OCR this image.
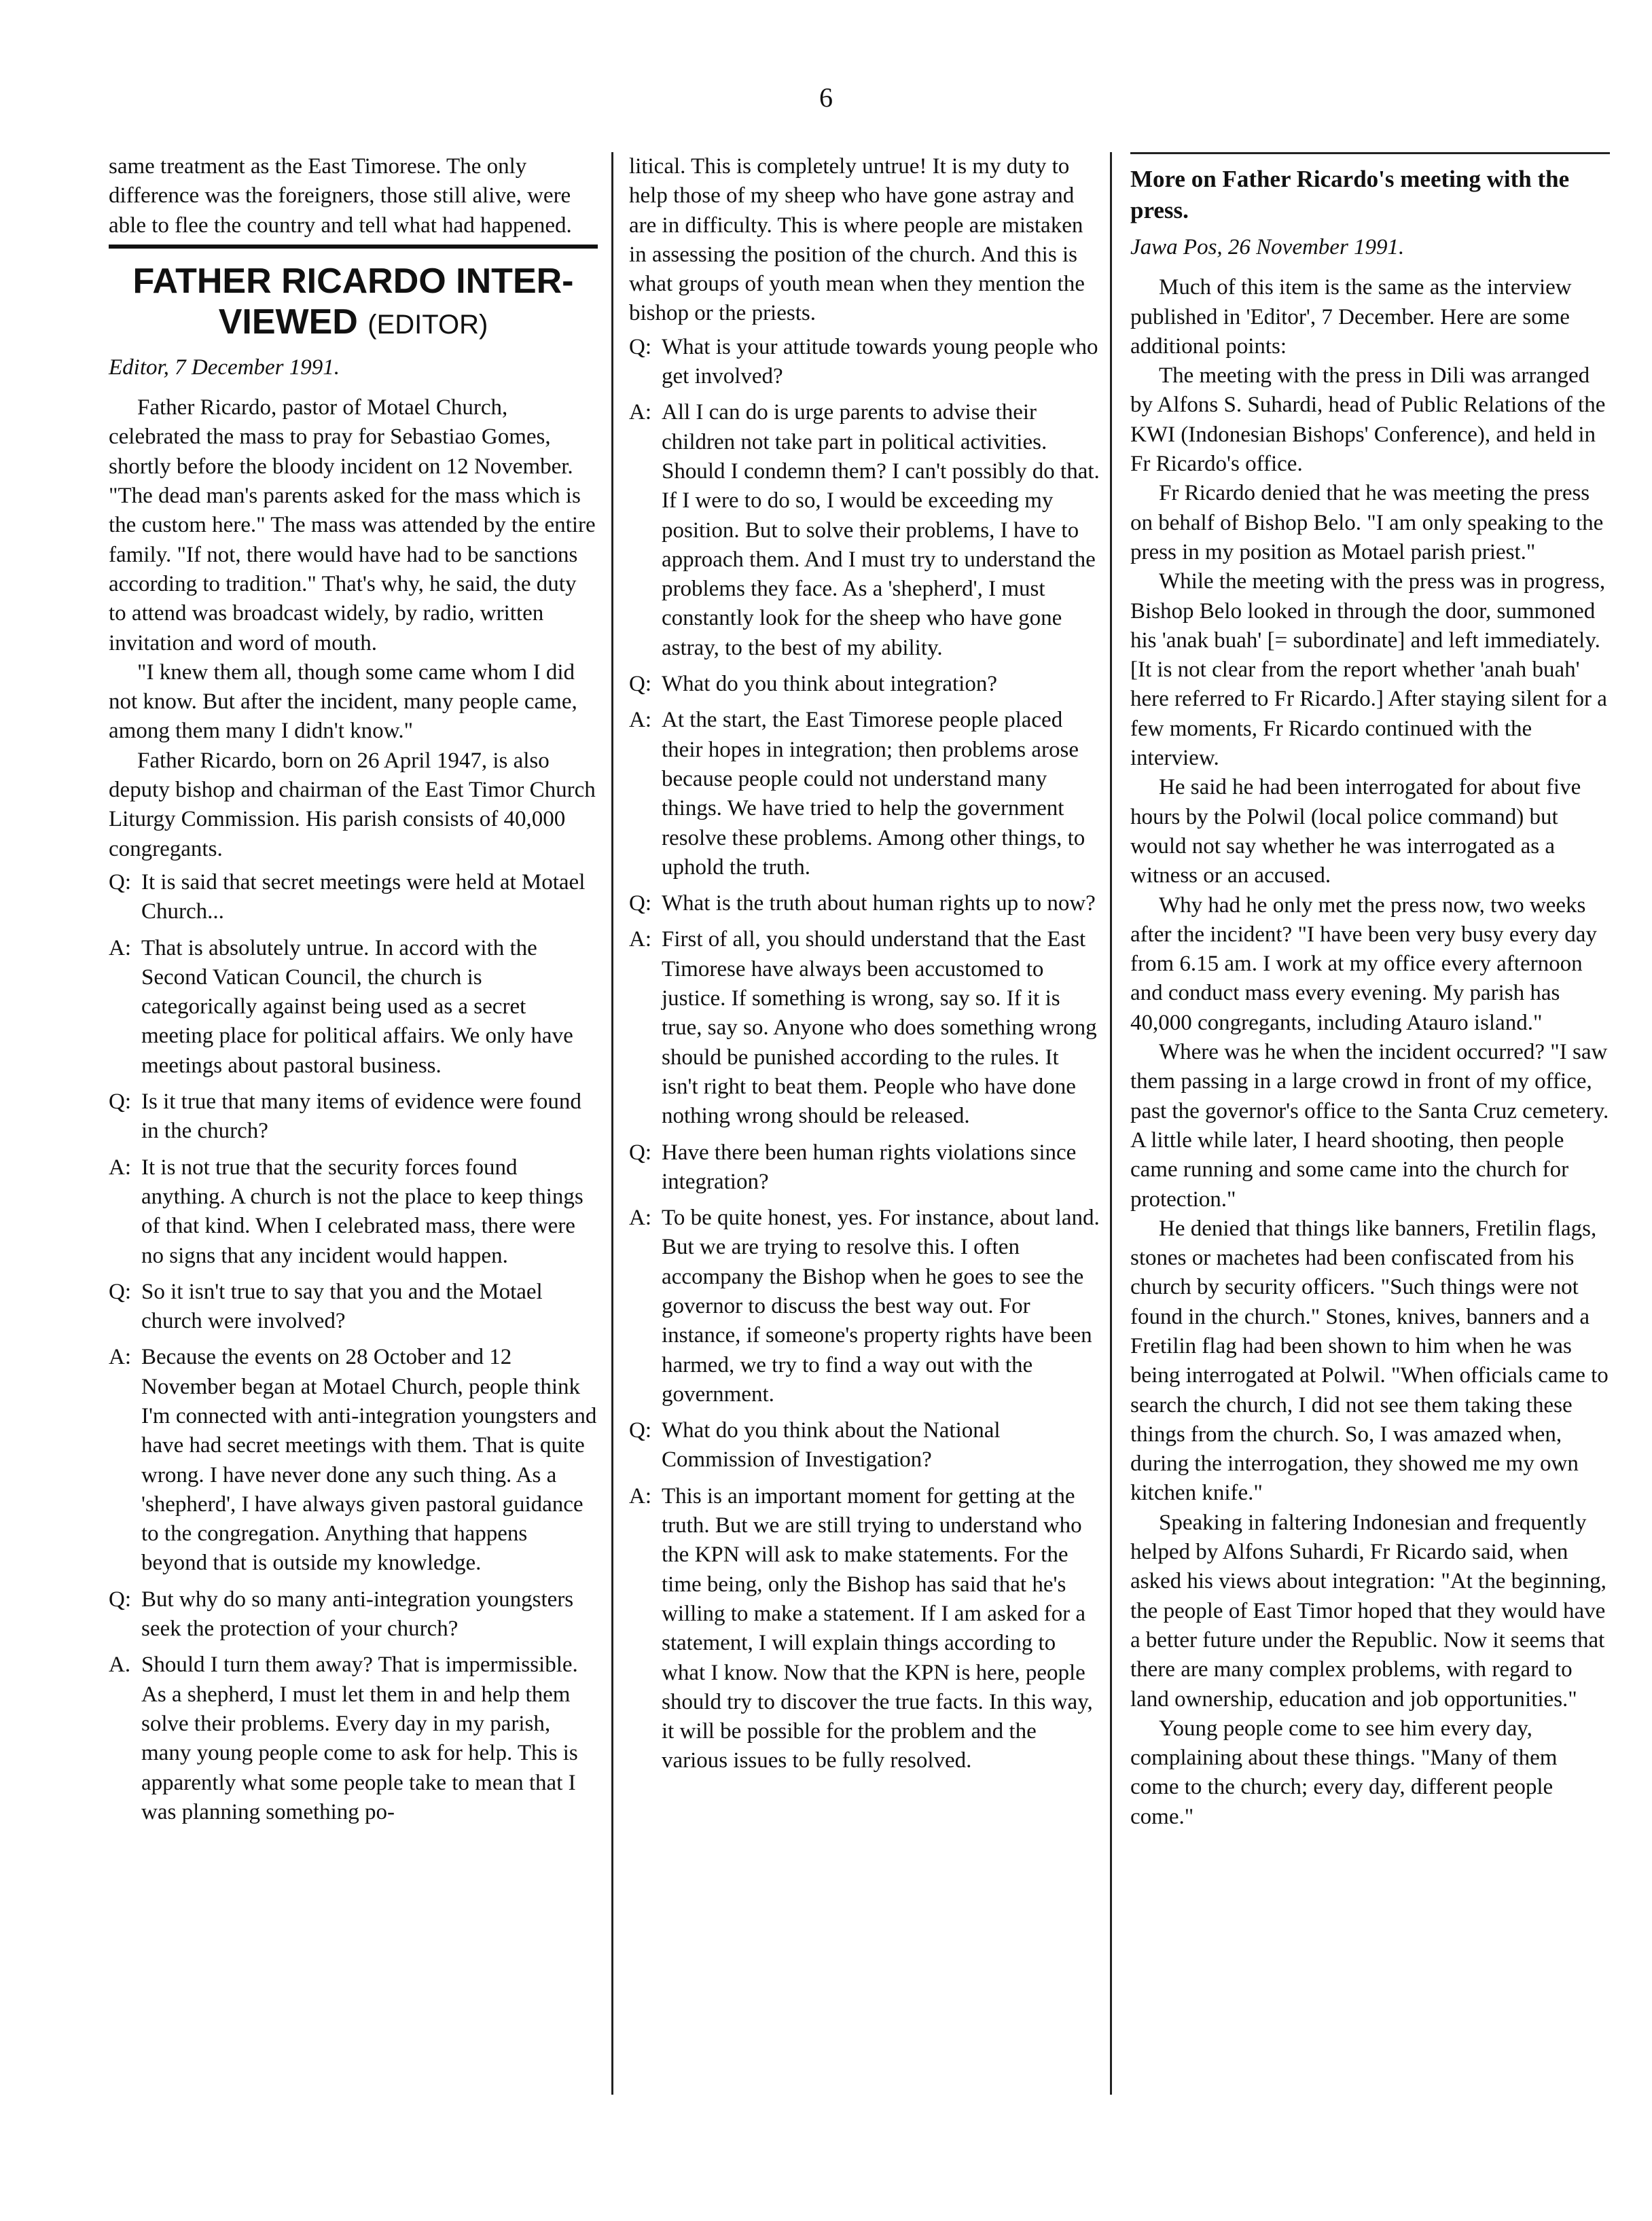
6

same treatment as the East Timorese. The only difference was the foreigners, those still alive, were able to flee the country and tell what had happened.

FATHER RICARDO INTER-VIEWED (EDITOR)

Editor, 7 December 1991.

Father Ricardo, pastor of Motael Church, celebrated the mass to pray for Sebastiao Gomes, shortly before the bloody incident on 12 November. "The dead man's parents asked for the mass which is the custom here." The mass was attended by the entire family. "If not, there would have had to be sanctions according to tradition." That's why, he said, the duty to attend was broadcast widely, by radio, written invitation and word of mouth.

"I knew them all, though some came whom I did not know. But after the incident, many people came, among them many I didn't know."

Father Ricardo, born on 26 April 1947, is also deputy bishop and chairman of the East Timor Church Liturgy Commission. His parish consists of 40,000 congregants.

Q: It is said that secret meetings were held at Motael Church...
A: That is absolutely untrue. In accord with the Second Vatican Council, the church is categorically against being used as a secret meeting place for political affairs. We only have meetings about pastoral business.
Q: Is it true that many items of evidence were found in the church?
A: It is not true that the security forces found anything. A church is not the place to keep things of that kind. When I celebrated mass, there were no signs that any incident would happen.
Q: So it isn't true to say that you and the Motael church were involved?
A: Because the events on 28 October and 12 November began at Motael Church, people think I'm connected with anti-integration youngsters and have had secret meetings with them. That is quite wrong. I have never done any such thing. As a 'shepherd', I have always given pastoral guidance to the congregation. Anything that happens beyond that is outside my knowledge.
Q: But why do so many anti-integration youngsters seek the protection of your church?
A. Should I turn them away? That is impermissible. As a shepherd, I must let them in and help them solve their problems. Every day in my parish, many young people come to ask for help. This is apparently what some people take to mean that I was planning something po-

litical. This is completely untrue! It is my duty to help those of my sheep who have gone astray and are in difficulty. This is where people are mistaken in assessing the position of the church. And this is what groups of youth mean when they mention the bishop or the priests.

Q: What is your attitude towards young people who get involved?
A: All I can do is urge parents to advise their children not take part in political activities. Should I condemn them? I can't possibly do that. If I were to do so, I would be exceeding my position. But to solve their problems, I have to approach them. And I must try to understand the problems they face. As a 'shepherd', I must constantly look for the sheep who have gone astray, to the best of my ability.
Q: What do you think about integration?
A: At the start, the East Timorese people placed their hopes in integration; then problems arose because people could not understand many things. We have tried to help the government resolve these problems. Among other things, to uphold the truth.
Q: What is the truth about human rights up to now?
A: First of all, you should understand that the East Timorese have always been accustomed to justice. If something is wrong, say so. If it is true, say so. Anyone who does something wrong should be punished according to the rules. It isn't right to beat them. People who have done nothing wrong should be released.
Q: Have there been human rights violations since integration?
A: To be quite honest, yes. For instance, about land. But we are trying to resolve this. I often accompany the Bishop when he goes to see the governor to discuss the best way out. For instance, if someone's property rights have been harmed, we try to find a way out with the government.
Q: What do you think about the National Commission of Investigation?
A: This is an important moment for getting at the truth. But we are still trying to understand who the KPN will ask to make statements. For the time being, only the Bishop has said that he's willing to make a statement. If I am asked for a statement, I will explain things according to what I know. Now that the KPN is here, people should try to discover the true facts. In this way, it will be possible for the problem and the various issues to be fully resolved.

More on Father Ricardo's meeting with the press.

Jawa Pos, 26 November 1991.

Much of this item is the same as the interview published in 'Editor', 7 December. Here are some additional points:

The meeting with the press in Dili was arranged by Alfons S. Suhardi, head of Public Relations of the KWI (Indonesian Bishops' Conference), and held in Fr Ricardo's office.

Fr Ricardo denied that he was meeting the press on behalf of Bishop Belo. "I am only speaking to the press in my position as Motael parish priest."

While the meeting with the press was in progress, Bishop Belo looked in through the door, summoned his 'anak buah' [= subordinate] and left immediately. [It is not clear from the report whether 'anah buah' here referred to Fr Ricardo.] After staying silent for a few moments, Fr Ricardo continued with the interview.

He said he had been interrogated for about five hours by the Polwil (local police command) but would not say whether he was interrogated as a witness or an accused.

Why had he only met the press now, two weeks after the incident? "I have been very busy every day from 6.15 am. I work at my office every afternoon and conduct mass every evening. My parish has 40,000 congregants, including Atauro island."

Where was he when the incident occurred? "I saw them passing in a large crowd in front of my office, past the governor's office to the Santa Cruz cemetery. A little while later, I heard shooting, then people came running and some came into the church for protection."

He denied that things like banners, Fretilin flags, stones or machetes had been confiscated from his church by security officers. "Such things were not found in the church." Stones, knives, banners and a Fretilin flag had been shown to him when he was being interrogated at Polwil. "When officials came to search the church, I did not see them taking these things from the church. So, I was amazed when, during the interrogation, they showed me my own kitchen knife."

Speaking in faltering Indonesian and frequently helped by Alfons Suhardi, Fr Ricardo said, when asked his views about integration: "At the beginning, the people of East Timor hoped that they would have a better future under the Republic. Now it seems that there are many complex problems, with regard to land ownership, education and job opportunities."

Young people come to see him every day, complaining about these things. "Many of them come to the church; every day, different people come."
